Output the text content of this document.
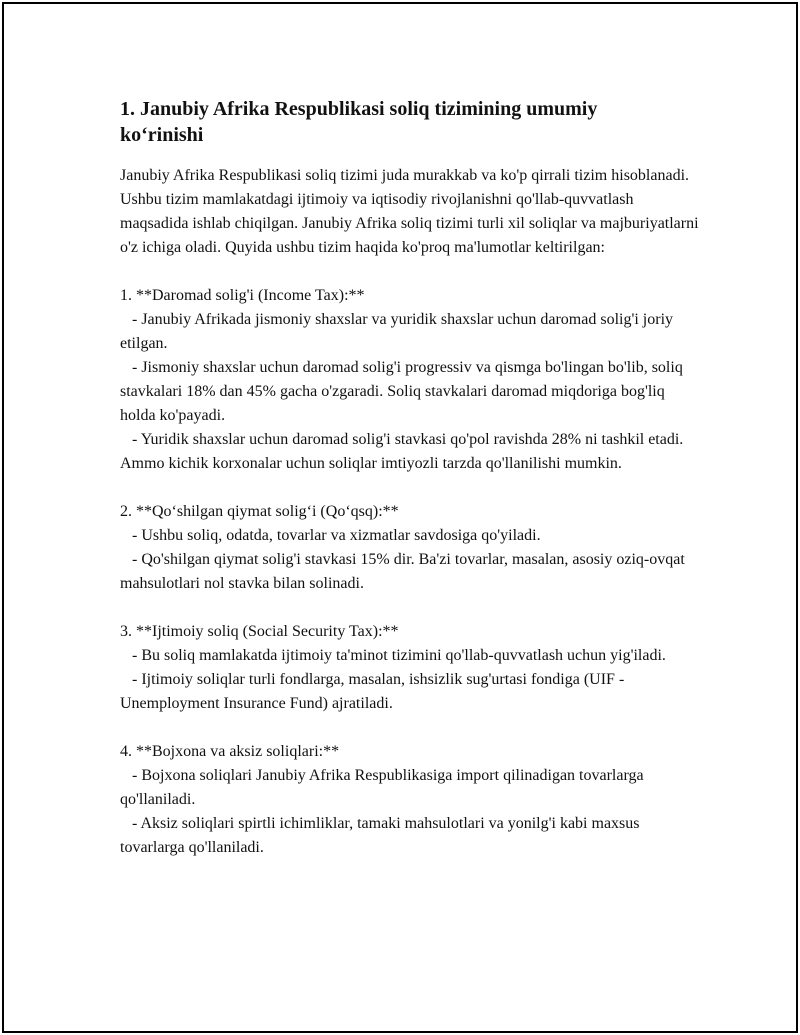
1. Janubiy Afrika Respublikasi soliq tizimining umumiy ko‘rinishi

Janubiy Afrika Respublikasi soliq tizimi juda murakkab va ko'p qirrali tizim hisoblanadi. Ushbu tizim mamlakatdagi ijtimoiy va iqtisodiy rivojlanishni qo'llab-quvvatlash maqsadida ishlab chiqilgan. Janubiy Afrika soliq tizimi turli xil soliqlar va majburiyatlarni o'z ichiga oladi. Quyida ushbu tizim haqida ko'proq ma'lumotlar keltirilgan:

1. **Daromad solig'i (Income Tax):**

- Janubiy Afrikada jismoniy shaxslar va yuridik shaxslar uchun daromad solig'i joriy etilgan.

- Jismoniy shaxslar uchun daromad solig'i progressiv va qismga bo'lingan bo'lib, soliq stavkalari 18% dan 45% gacha o'zgaradi. Soliq stavkalari daromad miqdoriga bog'liq holda ko'payadi.

- Yuridik shaxslar uchun daromad solig'i stavkasi qo'pol ravishda 28% ni tashkil etadi. Ammo kichik korxonalar uchun soliqlar imtiyozli tarzda qo'llanilishi mumkin.

2. **Qo‘shilgan qiymat solig‘i (Qo‘qsq):**

- Ushbu soliq, odatda, tovarlar va xizmatlar savdosiga qo'yiladi.

- Qo'shilgan qiymat solig'i stavkasi 15% dir. Ba'zi tovarlar, masalan, asosiy oziq-ovqat mahsulotlari nol stavka bilan solinadi.

3. **Ijtimoiy soliq (Social Security Tax):**

- Bu soliq mamlakatda ijtimoiy ta'minot tizimini qo'llab-quvvatlash uchun yig'iladi.

- Ijtimoiy soliqlar turli fondlarga, masalan, ishsizlik sug'urtasi fondiga (UIF - Unemployment Insurance Fund) ajratiladi.

4. **Bojxona va aksiz soliqlari:**

- Bojxona soliqlari Janubiy Afrika Respublikasiga import qilinadigan tovarlarga qo'llaniladi.

- Aksiz soliqlari spirtli ichimliklar, tamaki mahsulotlari va yonilg'i kabi maxsus tovarlarga qo'llaniladi.
